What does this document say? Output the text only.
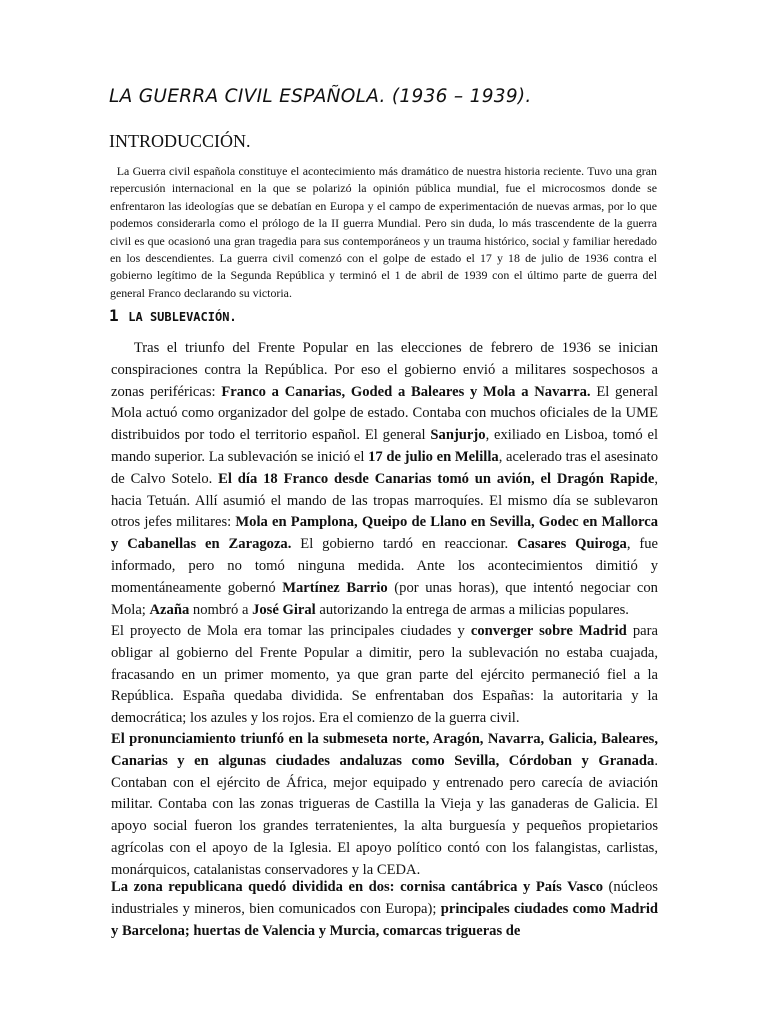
LA GUERRA CIVIL ESPAÑOLA. (1936 – 1939).
INTRODUCCIÓN.

La Guerra civil española constituye el acontecimiento más dramático de nuestra historia reciente. Tuvo una gran repercusión internacional en la que se polarizó la opinión pública mundial, fue el microcosmos donde se enfrentaron las ideologías que se debatían en Europa y el campo de experimentación de nuevas armas, por lo que podemos considerarla como el prólogo de la II guerra Mundial. Pero sin duda, lo más trascendente de la guerra civil es que ocasionó una gran tragedia para sus contemporáneos y un trauma histórico, social y familiar heredado en los descendientes. La guerra civil comenzó con el golpe de estado el 17 y 18 de julio de 1936 contra el gobierno legítimo de la Segunda República y terminó el 1 de abril de 1939 con el último parte de guerra del general Franco declarando su victoria.

1 LA SUBLEVACIÓN.

Tras el triunfo del Frente Popular en las elecciones de febrero de 1936 se inician conspiraciones contra la República. Por eso el gobierno envió a militares sospechosos a zonas periféricas: Franco a Canarias, Goded a Baleares y Mola a Navarra. El general Mola actuó como organizador del golpe de estado. Contaba con muchos oficiales de la UME distribuidos por todo el territorio español. El general Sanjurjo, exiliado en Lisboa, tomó el mando superior. La sublevación se inició el 17 de julio en Melilla, acelerado tras el asesinato de Calvo Sotelo. El día 18 Franco desde Canarias tomó un avión, el Dragón Rapide, hacia Tetuán. Allí asumió el mando de las tropas marroquíes. El mismo día se sublevaron otros jefes militares: Mola en Pamplona, Queipo de Llano en Sevilla, Godec en Mallorca y Cabanellas en Zaragoza. El gobierno tardó en reaccionar. Casares Quiroga, fue informado, pero no tomó ninguna medida. Ante los acontecimientos dimitió y momentáneamente gobernó Martínez Barrio (por unas horas), que intentó negociar con Mola; Azaña nombró a José Giral autorizando la entrega de armas a milicias populares.

El proyecto de Mola era tomar las principales ciudades y converger sobre Madrid para obligar al gobierno del Frente Popular a dimitir, pero la sublevación no estaba cuajada, fracasando en un primer momento, ya que gran parte del ejército permaneció fiel a la República. España quedaba dividida. Se enfrentaban dos Españas: la autoritaria y la democrática; los azules y los rojos. Era el comienzo de la guerra civil.

El pronunciamiento triunfó en la submeseta norte, Aragón, Navarra, Galicia, Baleares, Canarias y en algunas ciudades andaluzas como Sevilla, Córdoban y Granada. Contaban con el ejército de África, mejor equipado y entrenado pero carecía de aviación militar. Contaba con las zonas trigueras de Castilla la Vieja y las ganaderas de Galicia. El apoyo social fueron los grandes terratenientes, la alta burguesía y pequeños propietarios agrícolas con el apoyo de la Iglesia. El apoyo político contó con los falangistas, carlistas, monárquicos, catalanistas conservadores y la CEDA.

La zona republicana quedó dividida en dos: cornisa cantábrica y País Vasco (núcleos industriales y mineros, bien comunicados con Europa); principales ciudades como Madrid y Barcelona; huertas de Valencia y Murcia, comarcas trigueras de
